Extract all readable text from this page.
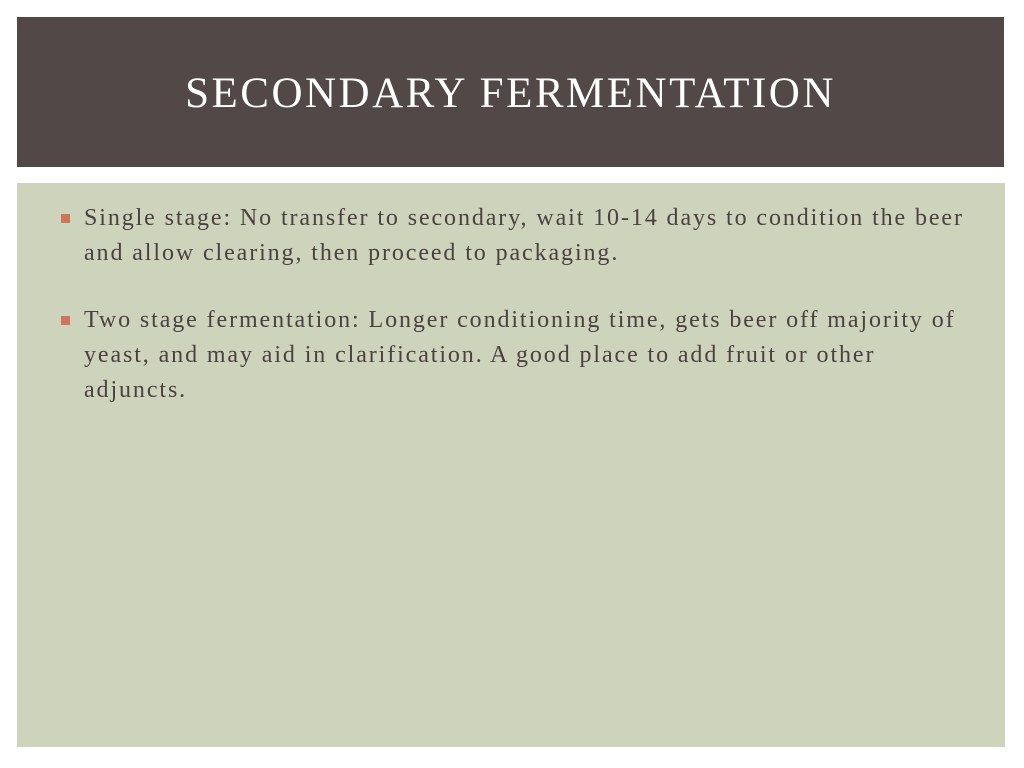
SECONDARY FERMENTATION
Single stage: No transfer to secondary, wait 10-14 days to condition the beer and allow clearing, then proceed to packaging.
Two stage fermentation: Longer conditioning time, gets beer off majority of yeast, and may aid in clarification. A good place to add fruit or other adjuncts.
